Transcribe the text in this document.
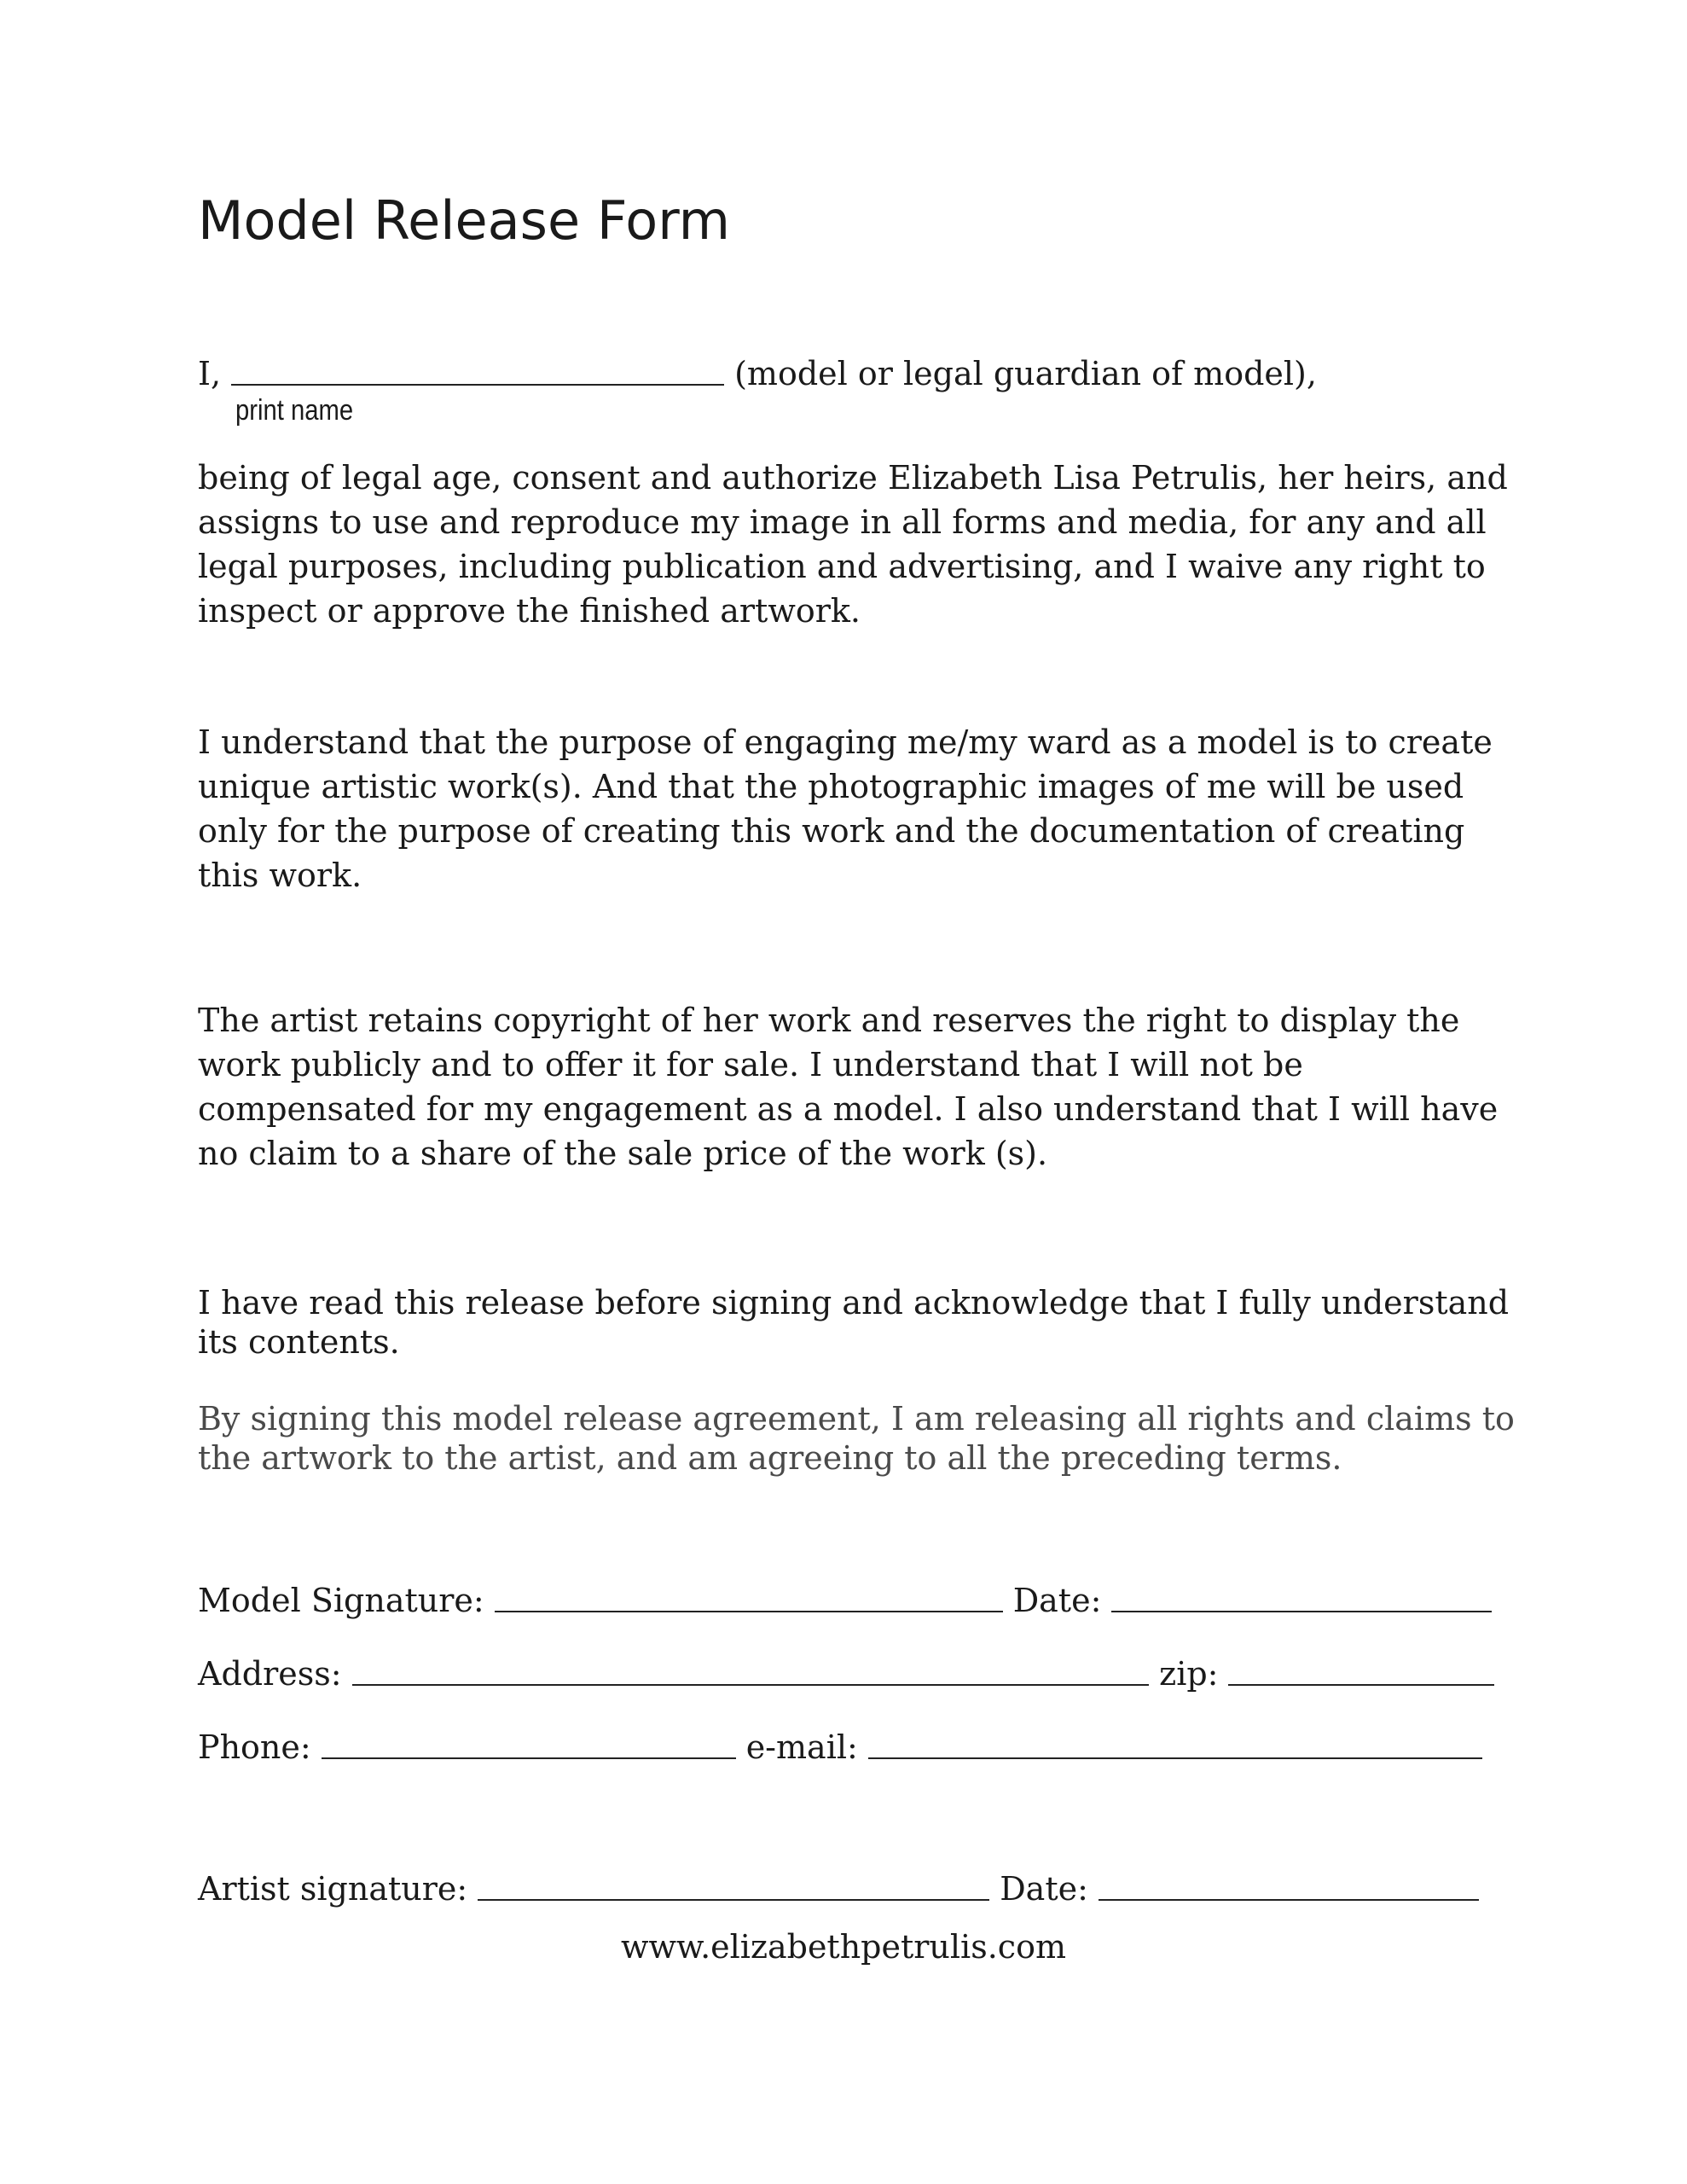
Model Release Form
I,	(model or legal guardian of model),
print name

being of legal age, consent and authorize Elizabeth Lisa Petrulis, her heirs, and
assigns to use and reproduce my image in all forms and media, for any and all
legal purposes, including publication and advertising, and I waive any right to
inspect or approve the finished artwork.

I understand that the purpose of engaging me/my ward as a model is to create
unique artistic work(s). And that the photographic images of me will be used
only for the purpose of creating this work and the documentation of creating
this work.

The artist retains copyright of her work and reserves the right to display the
work publicly and to offer it for sale. I understand that I will not be
compensated for my engagement as a model. I also understand that I will have
no claim to a share of the sale price of the work (s).

I have read this release before signing and acknowledge that I fully understand
its contents.

By signing this model release agreement, I am releasing all rights and claims to
the artwork to the artist, and am agreeing to all the preceding terms.

Model Signature:	Date:
Address:	zip:
Phone:	e-mail:
Artist signature:	Date:
www.elizabethpetrulis.com
